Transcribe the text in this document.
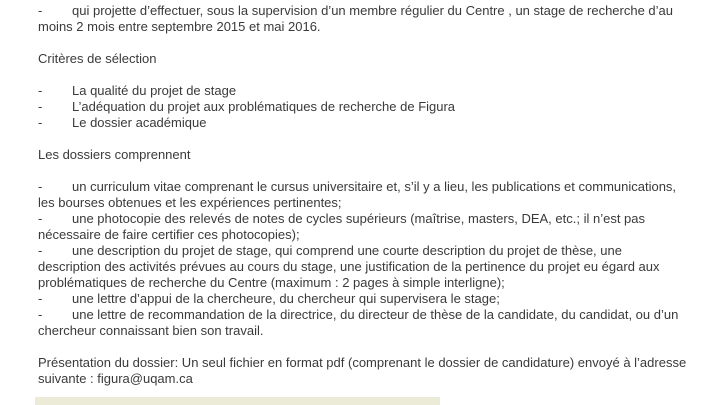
- qui projette d’effectuer, sous la supervision d’un membre régulier du Centre , un stage de recherche d’au moins 2 mois entre septembre 2015 et mai 2016.

Critères de sélection

-	La qualité du projet de stage
-	L’adéquation du projet aux problématiques de recherche de Figura
-	Le dossier académique

Les dossiers comprennent

- un curriculum vitae comprenant le cursus universitaire et, s’il y a lieu, les publications et communications, les bourses obtenues et les expériences pertinentes;

- une photocopie des relevés de notes de cycles supérieurs (maîtrise, masters, DEA, etc.; il n’est pas nécessaire de faire certifier ces photocopies);

- une description du projet de stage, qui comprend une courte description du projet de thèse, une description des activités prévues au cours du stage, une justification de la pertinence du projet eu égard aux problématiques de recherche du Centre (maximum : 2 pages à simple interligne);

- une lettre d’appui de la chercheure, du chercheur qui supervisera le stage;

- une lettre de recommandation de la directrice, du directeur de thèse de la candidate, du candidat, ou d’un chercheur connaissant bien son travail.

Présentation du dossier: Un seul fichier en format pdf (comprenant le dossier de candidature) envoyé à l’adresse suivante : figura@uqam.ca
